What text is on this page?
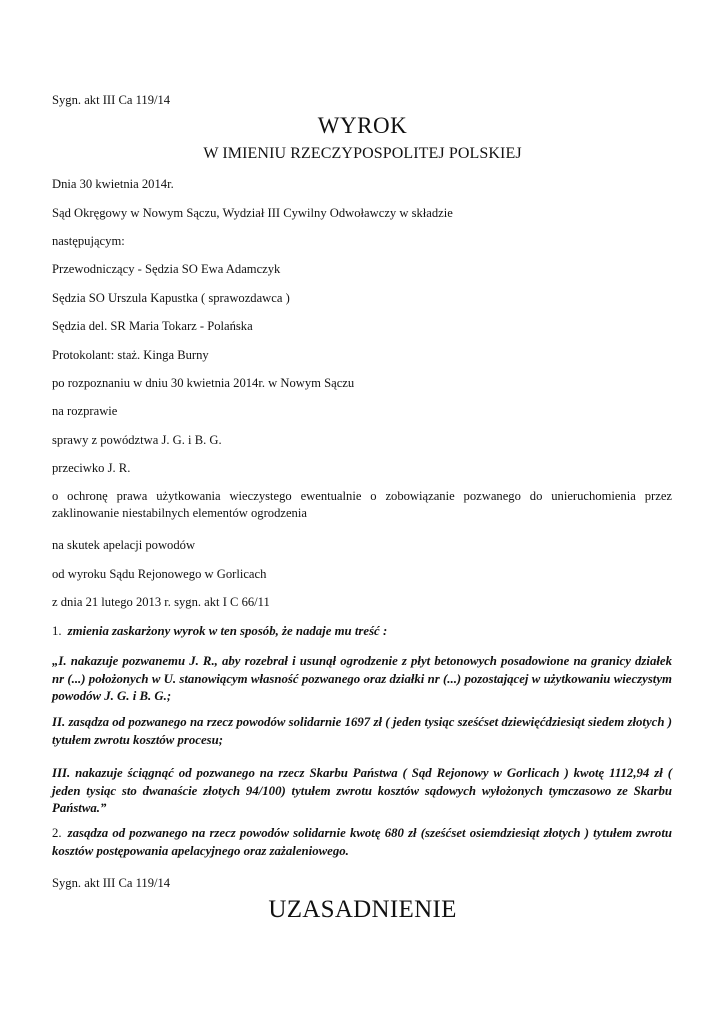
Sygn. akt III Ca 119/14
WYROK
W IMIENIU RZECZYPOSPOLITEJ POLSKIEJ
Dnia 30 kwietnia 2014r.
Sąd Okręgowy w Nowym Sączu, Wydział III Cywilny Odwoławczy w składzie
następującym:
Przewodniczący - Sędzia SO Ewa Adamczyk
Sędzia SO Urszula Kapustka ( sprawozdawca )
Sędzia del. SR Maria Tokarz - Polańska
Protokolant: staż. Kinga Burny
po rozpoznaniu w dniu 30 kwietnia 2014r. w Nowym Sączu
na rozprawie
sprawy z powództwa J. G. i B. G.
przeciwko J. R.
o ochronę prawa użytkowania wieczystego ewentualnie o zobowiązanie pozwanego do unieruchomienia przez zaklinowanie niestabilnych elementów ogrodzenia
na skutek apelacji powodów
od wyroku Sądu Rejonowego w Gorlicach
z dnia 21 lutego 2013 r. sygn. akt I C 66/11
1. zmienia zaskarżony wyrok w ten sposób, że nadaje mu treść :
„I. nakazuje pozwanemu J. R., aby rozebrał i usunął ogrodzenie z płyt betonowych posadowione na granicy działek nr (...) położonych w U. stanowiącym własność pozwanego oraz działki nr (...) pozostającej w użytkowaniu wieczystym powodów J. G. i B. G.;
II. zasądza od pozwanego na rzecz powodów solidarnie 1697 zł ( jeden tysiąc sześćset dziewięćdziesiąt siedem złotych ) tytułem zwrotu kosztów procesu;
III. nakazuje ściągnąć od pozwanego na rzecz Skarbu Państwa ( Sąd Rejonowy w Gorlicach ) kwotę 1112,94 zł ( jeden tysiąc sto dwanaście złotych 94/100) tytułem zwrotu kosztów sądowych wyłożonych tymczasowo ze Skarbu Państwa.”
2. zasądza od pozwanego na rzecz powodów solidarnie kwotę 680 zł (sześćset osiemdziesiąt złotych ) tytułem zwrotu kosztów postępowania apelacyjnego oraz zażaleniowego.
Sygn. akt III Ca 119/14
UZASADNIENIE
